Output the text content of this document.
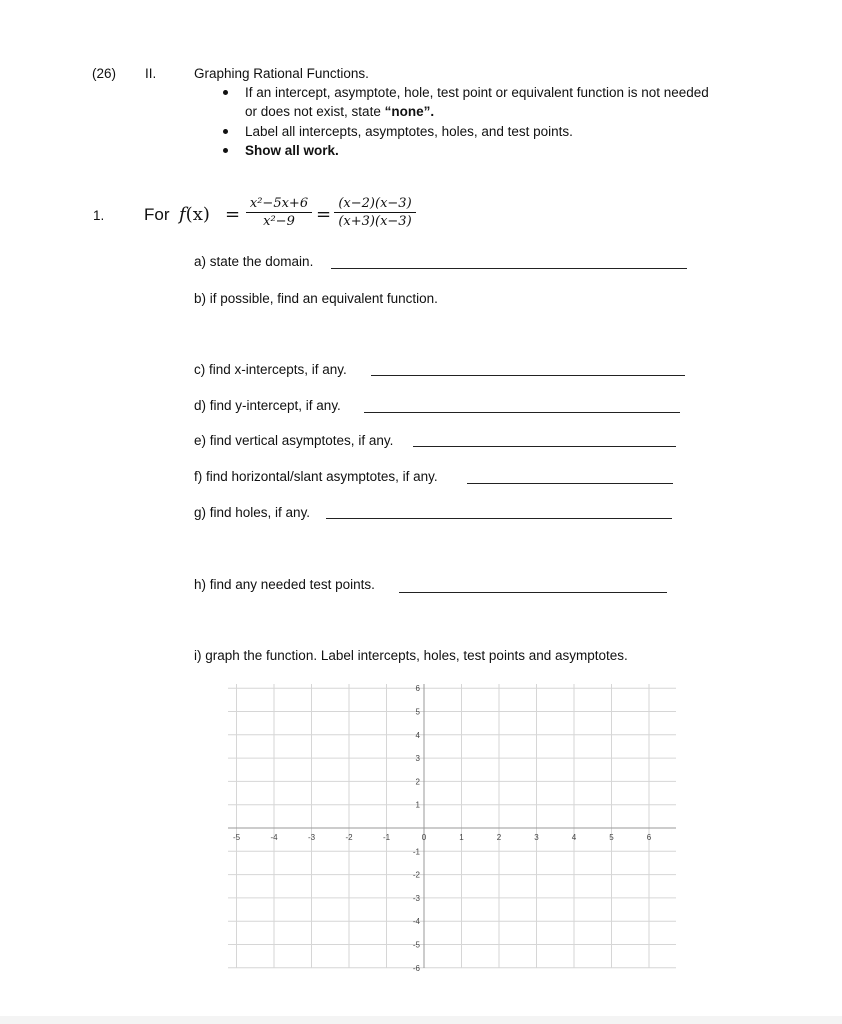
(26) II.	Graphing Rational Functions.
If an intercept, asymptote, hole, test point or equivalent function is not needed
or does not exist, state “none”.
Label all intercepts, asymptotes, holes, and test points.
Show all work.
1. For $f(x) = \frac{\text{x²−5x+6}}{\text{x²−9}} = \frac{(x-2)(x-3)}{(x+3)(x-3)}$
a) state the domain.
b) if possible, find an equivalent function.
c) find x-intercepts, if any.
d) find y-intercept, if any.
e) find vertical asymptotes, if any.
f) find horizontal/slant asymptotes, if any.
g) find holes, if any.
h) find any needed test points.
i) graph the function. Label intercepts, holes, test points and asymptotes.
-5	-4	-3	-2	-1	0	1	2	3	4	5	6
6
5
4
3
2
1
-1
-2
-3
-4
-5
-6
